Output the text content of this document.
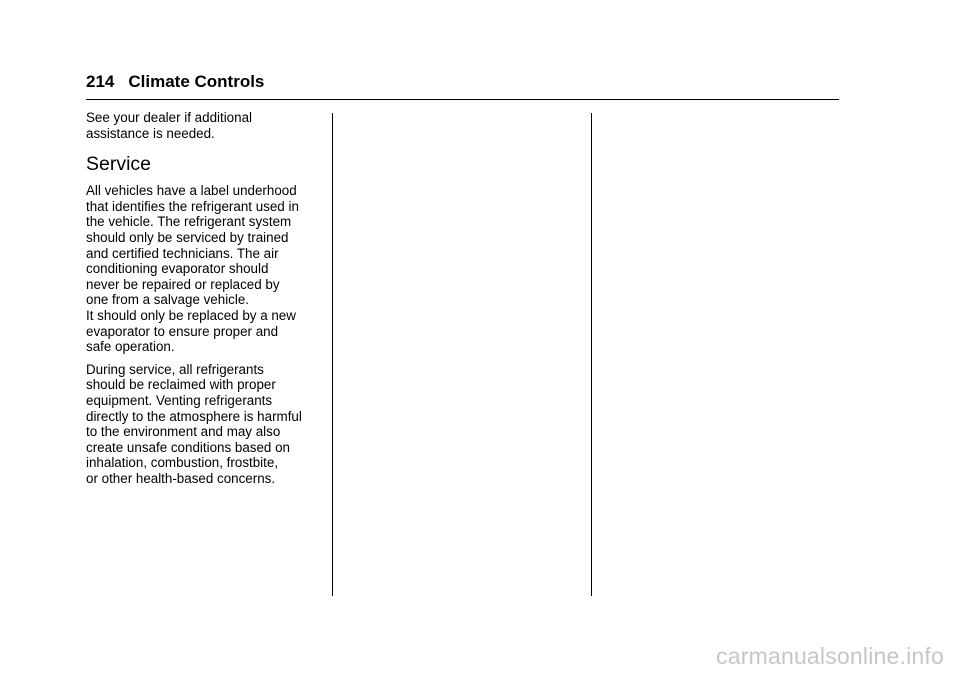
214 Climate Controls

See your dealer if additional
assistance is needed.

Service

All vehicles have a label underhood
that identifies the refrigerant used in
the vehicle. The refrigerant system
should only be serviced by trained
and certified technicians. The air
conditioning evaporator should
never be repaired or replaced by
one from a salvage vehicle.
It should only be replaced by a new
evaporator to ensure proper and
safe operation.

During service, all refrigerants
should be reclaimed with proper
equipment. Venting refrigerants
directly to the atmosphere is harmful
to the environment and may also
create unsafe conditions based on
inhalation, combustion, frostbite,
or other health-based concerns.

carmanualsonline.info
